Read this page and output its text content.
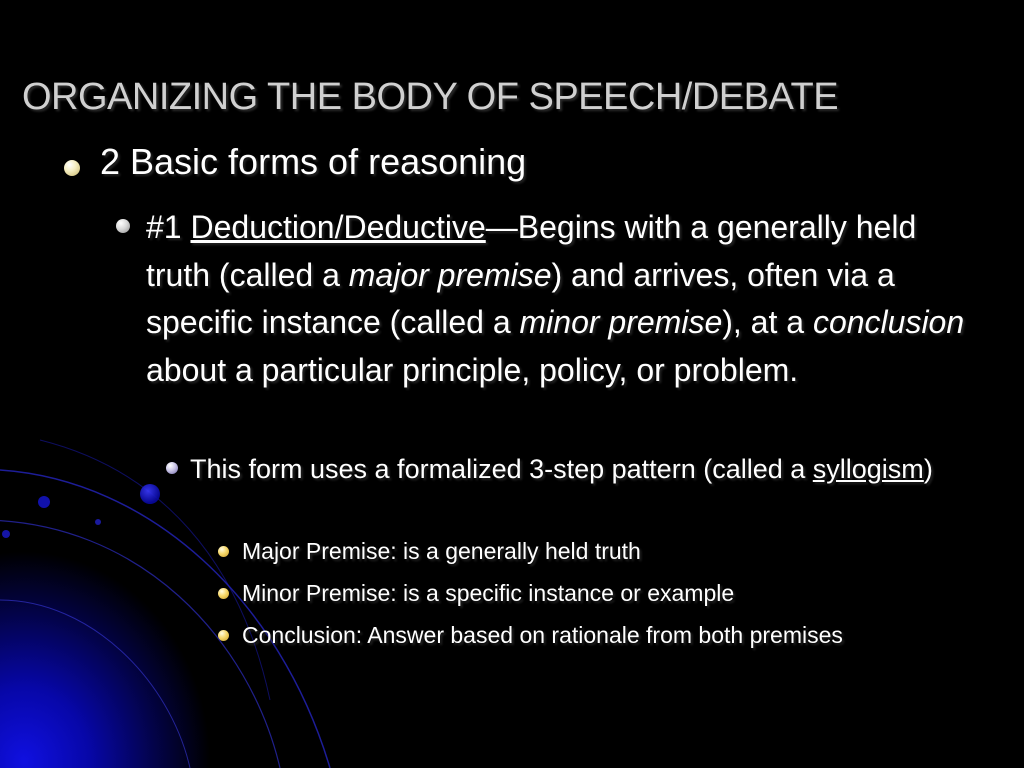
ORGANIZING THE BODY OF SPEECH/DEBATE

2 Basic forms of reasoning

#1 Deduction/Deductive—Begins with a generally held truth (called a major premise) and arrives, often via a specific instance (called a minor premise), at a conclusion about a particular principle, policy, or problem.

This form uses a formalized 3-step pattern (called a syllogism)

Major Premise: is a generally held truth

Minor Premise: is a specific instance or example

Conclusion: Answer based on rationale from both premises
